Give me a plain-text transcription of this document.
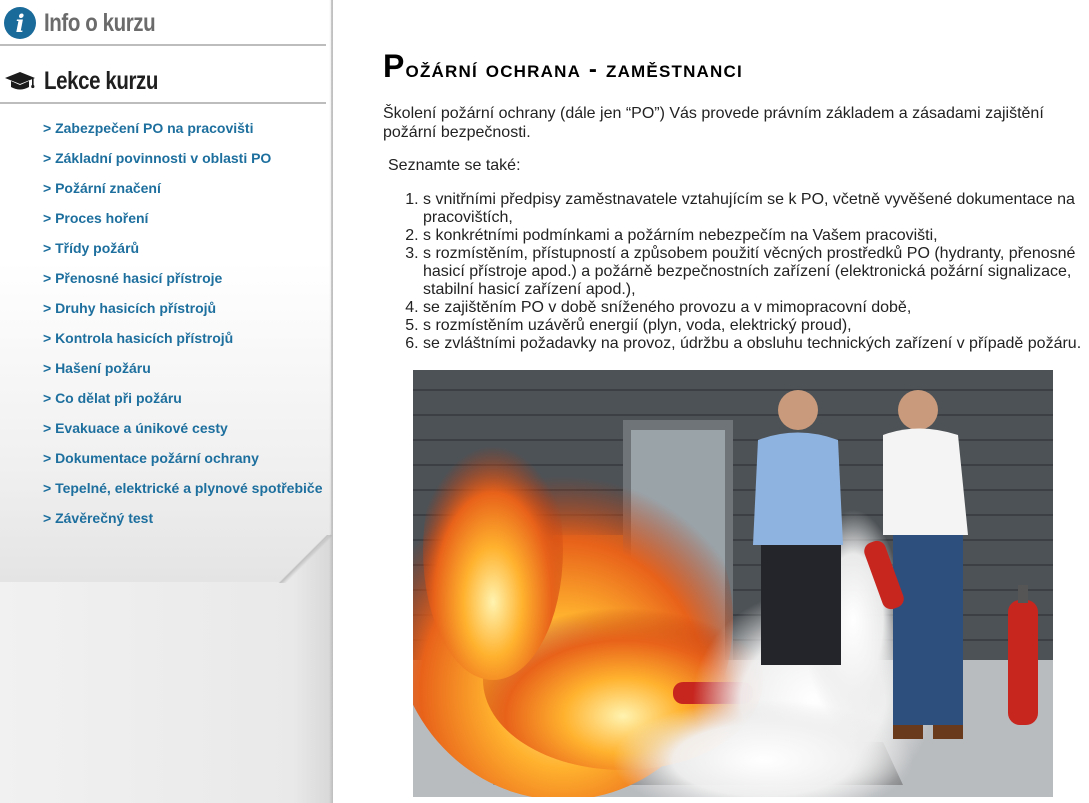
i Info o kurzu
Lekce kurzu
> Zabezpečení PO na pracovišti
> Základní povinnosti v oblasti PO
> Požární značení
> Proces hoření
> Třídy požárů
> Přenosné hasicí přístroje
> Druhy hasicích přístrojů
> Kontrola hasicích přístrojů
> Hašení požáru
> Co dělat při požáru
> Evakuace a únikové cesty
> Dokumentace požární ochrany
> Tepelné, elektrické a plynové spotřebiče
> Závěrečný test
Požární ochrana - zaměstnanci

Školení požární ochrany (dále jen “PO”) Vás provede právním základem a zásadami zajištění požární bezpečnosti.

Seznamte se také:

1. s vnitřními předpisy zaměstnavatele vztahujícím se k PO, včetně vyvěšené dokumentace na pracovištích,
2. s konkrétními podmínkami a požárním nebezpečím na Vašem pracovišti,
3. s rozmístěním, přístupností a způsobem použití věcných prostředků PO (hydranty, přenosné hasicí přístroje apod.) a požárně bezpečnostních zařízení (elektronická požární signalizace, stabilní hasicí zařízení apod.),
4. se zajištěním PO v době sníženého provozu a v mimopracovní době,
5. s rozmístěním uzávěrů energií (plyn, voda, elektrický proud),
6. se zvláštními požadavky na provoz, údržbu a obsluhu technických zařízení v případě požáru.
